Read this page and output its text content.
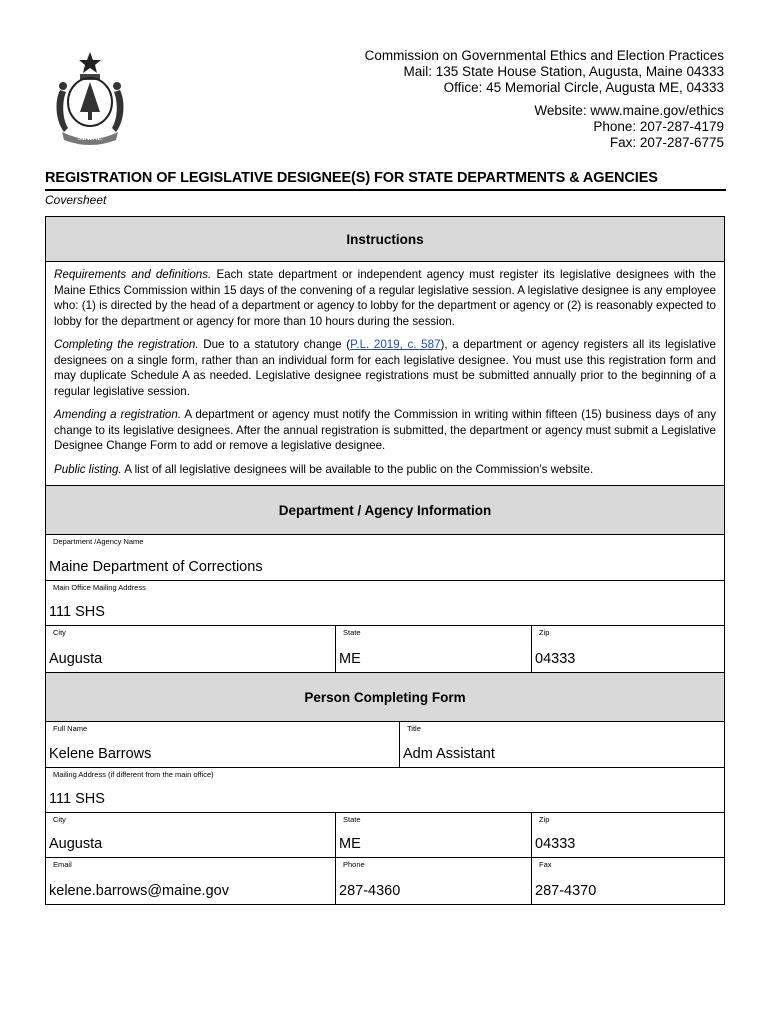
MAINE
Commission on Governmental Ethics and Election Practices
Mail: 135 State House Station, Augusta, Maine 04333
Office: 45 Memorial Circle, Augusta ME, 04333
Website: www.maine.gov/ethics
Phone: 207-287-4179
Fax: 207-287-6775
REGISTRATION OF LEGISLATIVE DESIGNEE(S) FOR STATE DEPARTMENTS & AGENCIES
Coversheet
Instructions

Requirements and definitions. Each state department or independent agency must register its legislative designees with the Maine Ethics Commission within 15 days of the convening of a regular legislative session. A legislative designee is any employee who: (1) is directed by the head of a department or agency to lobby for the department or agency or (2) is reasonably expected to lobby for the department or agency for more than 10 hours during the session.

Completing the registration. Due to a statutory change (P.L. 2019, c. 587), a department or agency registers all its legislative designees on a single form, rather than an individual form for each legislative designee. You must use this registration form and may duplicate Schedule A as needed. Legislative designee registrations must be submitted annually prior to the beginning of a regular legislative session.

Amending a registration. A department or agency must notify the Commission in writing within fifteen (15) business days of any change to its legislative designees. After the annual registration is submitted, the department or agency must submit a Legislative Designee Change Form to add or remove a legislative designee.

Public listing. A list of all legislative designees will be available to the public on the Commission’s website.

Department / Agency Information
Department /Agency Name
Maine Department of Corrections
Main Office Mailing Address
111 SHS
City
Augusta
State
ME
Zip
04333
Person Completing Form
Full Name
Kelene Barrows
Title
Adm Assistant
Mailing Address (if different from the main office)
111 SHS
City
Augusta
State
ME
Zip
04333
Email
kelene.barrows@maine.gov
Phone
287-4360
Fax
287-4370
